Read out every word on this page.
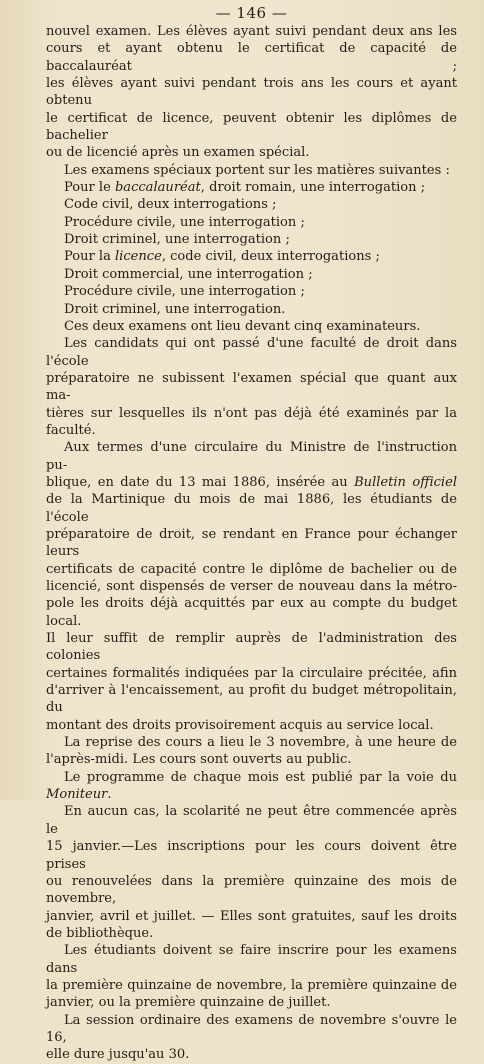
— 146 —

nouvel examen. Les élèves ayant suivi pendant deux ans les

cours et ayant obtenu le certificat de capacité de baccalauréat ;

les élèves ayant suivi pendant trois ans les cours et ayant obtenu

le certificat de licence, peuvent obtenir les diplômes de bachelier

ou de licencié après un examen spécial.

Les examens spéciaux portent sur les matières suivantes :

Pour le baccalauréat, droit romain, une interrogation ;

Code civil, deux interrogations ;

Procédure civile, une interrogation ;

Droit criminel, une interrogation ;

Pour la licence, code civil, deux interrogations ;

Droit commercial, une interrogation ;

Procédure civile, une interrogation ;

Droit criminel, une interrogation.

Ces deux examens ont lieu devant cinq examinateurs.

Les candidats qui ont passé d'une faculté de droit dans l'école

préparatoire ne subissent l'examen spécial que quant aux ma-

tières sur lesquelles ils n'ont pas déjà été examinés par la faculté.

Aux termes d'une circulaire du Ministre de l'instruction pu-

blique, en date du 13 mai 1886, insérée au Bulletin officiel

de la Martinique du mois de mai 1886, les étudiants de l'école

préparatoire de droit, se rendant en France pour échanger leurs

certificats de capacité contre le diplôme de bachelier ou de

licencié, sont dispensés de verser de nouveau dans la métro-

pole les droits déjà acquittés par eux au compte du budget local.

Il leur suffit de remplir auprès de l'administration des colonies

certaines formalités indiquées par la circulaire précitée, afin

d'arriver à l'encaissement, au profit du budget métropolitain, du

montant des droits provisoirement acquis au service local.

La reprise des cours a lieu le 3 novembre, à une heure de

l'après-midi. Les cours sont ouverts au public.

Le programme de chaque mois est publié par la voie du

Moniteur.

En aucun cas, la scolarité ne peut être commencée après le

15 janvier.—Les inscriptions pour les cours doivent être prises

ou renouvelées dans la première quinzaine des mois de novembre,

janvier, avril et juillet. — Elles sont gratuites, sauf les droits

de bibliothèque.

Les étudiants doivent se faire inscrire pour les examens dans

la première quinzaine de novembre, la première quinzaine de

janvier, ou la première quinzaine de juillet.

La session ordinaire des examens de novembre s'ouvre le 16,

elle dure jusqu'au 30.
